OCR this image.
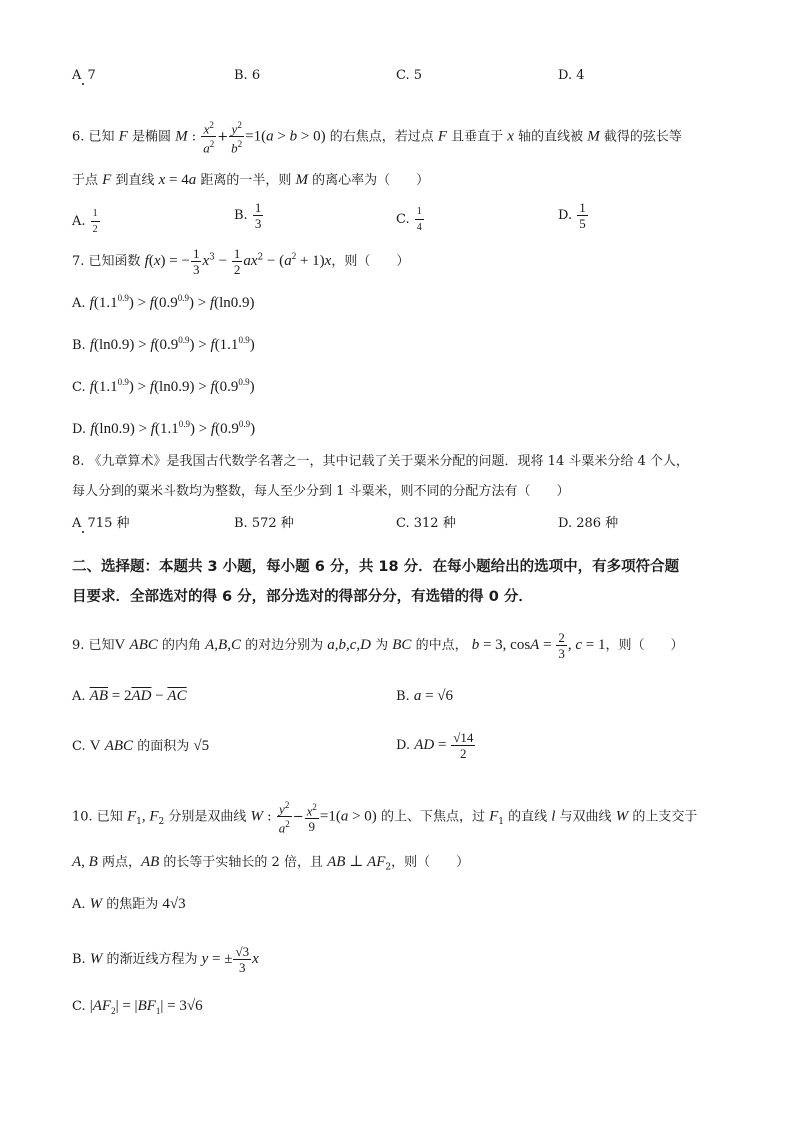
A 7	B. 6	C. 5	D. 4
6. 已知 F 是椭圆 M : $\frac{x^2}{a^2} + \frac{y^2}{b^2} =1(a > b > 0)$ 的右焦点，若过点 F 且垂直于 x 轴的直线被 M 截得的弦长等
于点 F 到直线 x = 4a 距离的一半，则 M 的离心率为（　　）
A. $\frac{1}{2}$	B. $\frac{1}{3}$	C. $\frac{1}{4}$	D. $\frac{1}{5}$
7. 已知函数 f(x) = − $\frac{1}{3} x^3 - \frac{1}{2} ax^2 - (a^2 + 1)x$，则（　　）
A. $f(1.1^{0.9}) > f(0.9^{0.9}) > f(\ln 0.9)$
B. $f(\ln 0.9) > f(0.9^{0.9}) > f(1.1^{0.9})$
C. $f(1.1^{0.9}) > f(\ln 0.9) > f(0.9^{0.9})$
D. $f(\ln 0.9) > f(1.1^{0.9}) > f(0.9^{0.9})$
8. 《九章算术》是我国古代数学名著之一，其中记载了关于粟米分配的问题．现将 14 斗粟米分给 4 个人，
每人分到的粟米斗数均为整数，每人至少分到 1 斗粟米，则不同的分配方法有（　　）
A 715 种	B. 572 种	C. 312 种	D. 286 种
二、选择题：本题共 3 小题，每小题 6 分，共 18 分．在每小题给出的选项中，有多项符合题
目要求．全部选对的得 6 分，部分选对的得部分分，有选错的得 0 分．
9. 已知V ABC 的内角 A,B,C 的对边分别为 a,b,c,D 为 BC 的中点， b = 3, $\cos A = \frac{2}{3}$ , c = 1，则（　　）
A. $\overline{AB} = 2\overline{AD} - \overline{AC}$	B. a = √6
C. V ABC 的面积为 √5	D. AD = $\frac{√14}{2}$
10. 已知 $F_1$, $F_2$ 分别是双曲线 W : $\frac{y^2}{a^2} - \frac{x^2}{9} =1(a > 0)$ 的上、下焦点，过 $F_1$ 的直线 l 与双曲线 W 的上支交于
A, B 两点，AB 的长等于实轴长的 2 倍，且 AB ⊥ $AF_2$，则（　　）
A. W 的焦距为 4√3
B. W 的渐近线方程为 y = ± $\frac{√3}{3}$ x
C. $|AF_2| = |BF_1| = 3√6$
